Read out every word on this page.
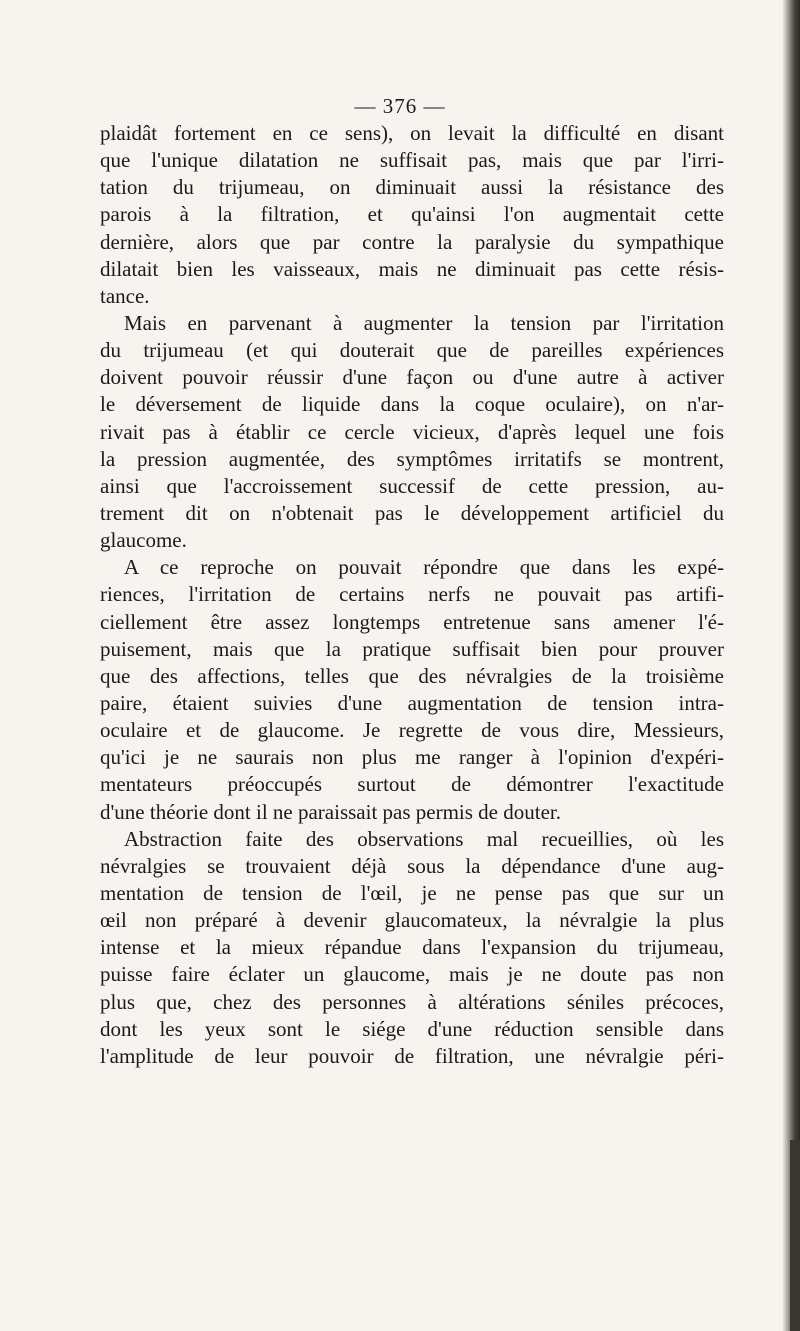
— 376 —
plaidât fortement en ce sens), on levait la difficulté en disant
que l'unique dilatation ne suffisait pas, mais que par l'irri-
tation du trijumeau, on diminuait aussi la résistance des
parois à la filtration, et qu'ainsi l'on augmentait cette
dernière, alors que par contre la paralysie du sympathique
dilatait bien les vaisseaux, mais ne diminuait pas cette résis-
tance.
Mais en parvenant à augmenter la tension par l'irritation
du trijumeau (et qui douterait que de pareilles expériences
doivent pouvoir réussir d'une façon ou d'une autre à activer
le déversement de liquide dans la coque oculaire), on n'ar-
rivait pas à établir ce cercle vicieux, d'après lequel une fois
la pression augmentée, des symptômes irritatifs se montrent,
ainsi que l'accroissement successif de cette pression, au-
trement dit on n'obtenait pas le développement artificiel du
glaucome.
A ce reproche on pouvait répondre que dans les expé-
riences, l'irritation de certains nerfs ne pouvait pas artifi-
ciellement être assez longtemps entretenue sans amener l'é-
puisement, mais que la pratique suffisait bien pour prouver
que des affections, telles que des névralgies de la troisième
paire, étaient suivies d'une augmentation de tension intra-
oculaire et de glaucome. Je regrette de vous dire, Messieurs,
qu'ici je ne saurais non plus me ranger à l'opinion d'expéri-
mentateurs préoccupés surtout de démontrer l'exactitude
d'une théorie dont il ne paraissait pas permis de douter.
Abstraction faite des observations mal recueillies, où les
névralgies se trouvaient déjà sous la dépendance d'une aug-
mentation de tension de l'œil, je ne pense pas que sur un
œil non préparé à devenir glaucomateux, la névralgie la plus
intense et la mieux répandue dans l'expansion du trijumeau,
puisse faire éclater un glaucome, mais je ne doute pas non
plus que, chez des personnes à altérations séniles précoces,
dont les yeux sont le siége d'une réduction sensible dans
l'amplitude de leur pouvoir de filtration, une névralgie péri-
